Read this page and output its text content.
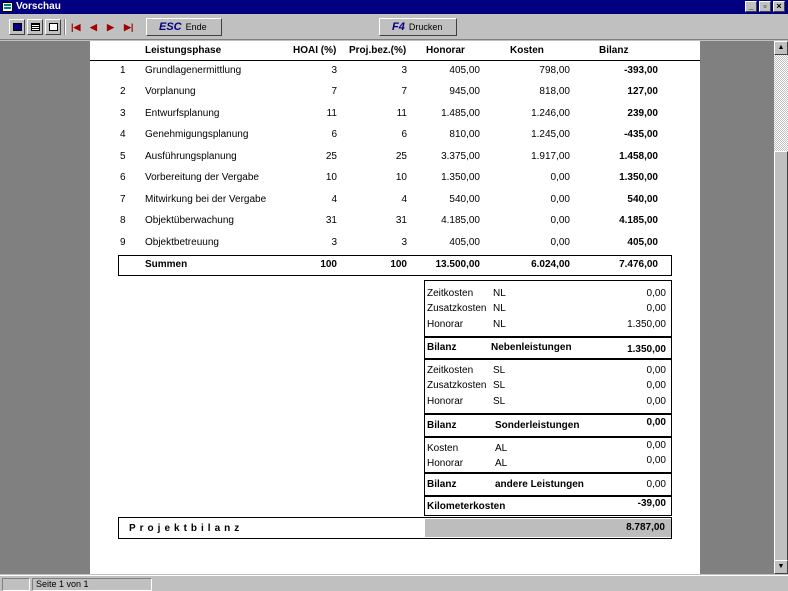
Vorschau	_	▫	×
|◀ ◀ ▶ ▶|	ESC Ende	F4 Drucken
Leistungsphase	HOAI (%) Proj.bez.(%) Honorar	Kosten	Bilanz
1 Grundlagenermittlung	3	3	405,00	798,00	-393,00
2 Vorplanung	7	7	945,00	818,00	127,00
3 Entwurfsplanung	11	11	1.485,00	1.246,00	239,00
4 Genehmigungsplanung	6	6	810,00	1.245,00	-435,00
5 Ausführungsplanung	25	25	3.375,00	1.917,00	1.458,00
6 Vorbereitung der Vergabe	10	10	1.350,00	0,00	1.350,00
7 Mitwirkung bei der Vergabe	4	4	540,00	0,00	540,00
8 Objektüberwachung	31	31	4.185,00	0,00	4.185,00
9 Objektbetreuung	3	3	405,00	0,00	405,00
Summen	100	100	13.500,00	6.024,00	7.476,00
Zeitkosten NL	0,00
Zusatzkosten NL	0,00
Honorar	NL	1.350,00
Bilanz	Nebenleistungen	1.350,00
Zeitkosten SL	0,00
Zusatzkosten SL	0,00
Honorar	SL	0,00
Bilanz	Sonderleistungen	0,00
Kosten	AL	0,00
Honorar	AL	0,00
Bilanz	andere Leistungen	0,00
Kilometerkosten	-39,00
Projektbilanz	8.787,00
▲
▼
Seite 1 von 1
